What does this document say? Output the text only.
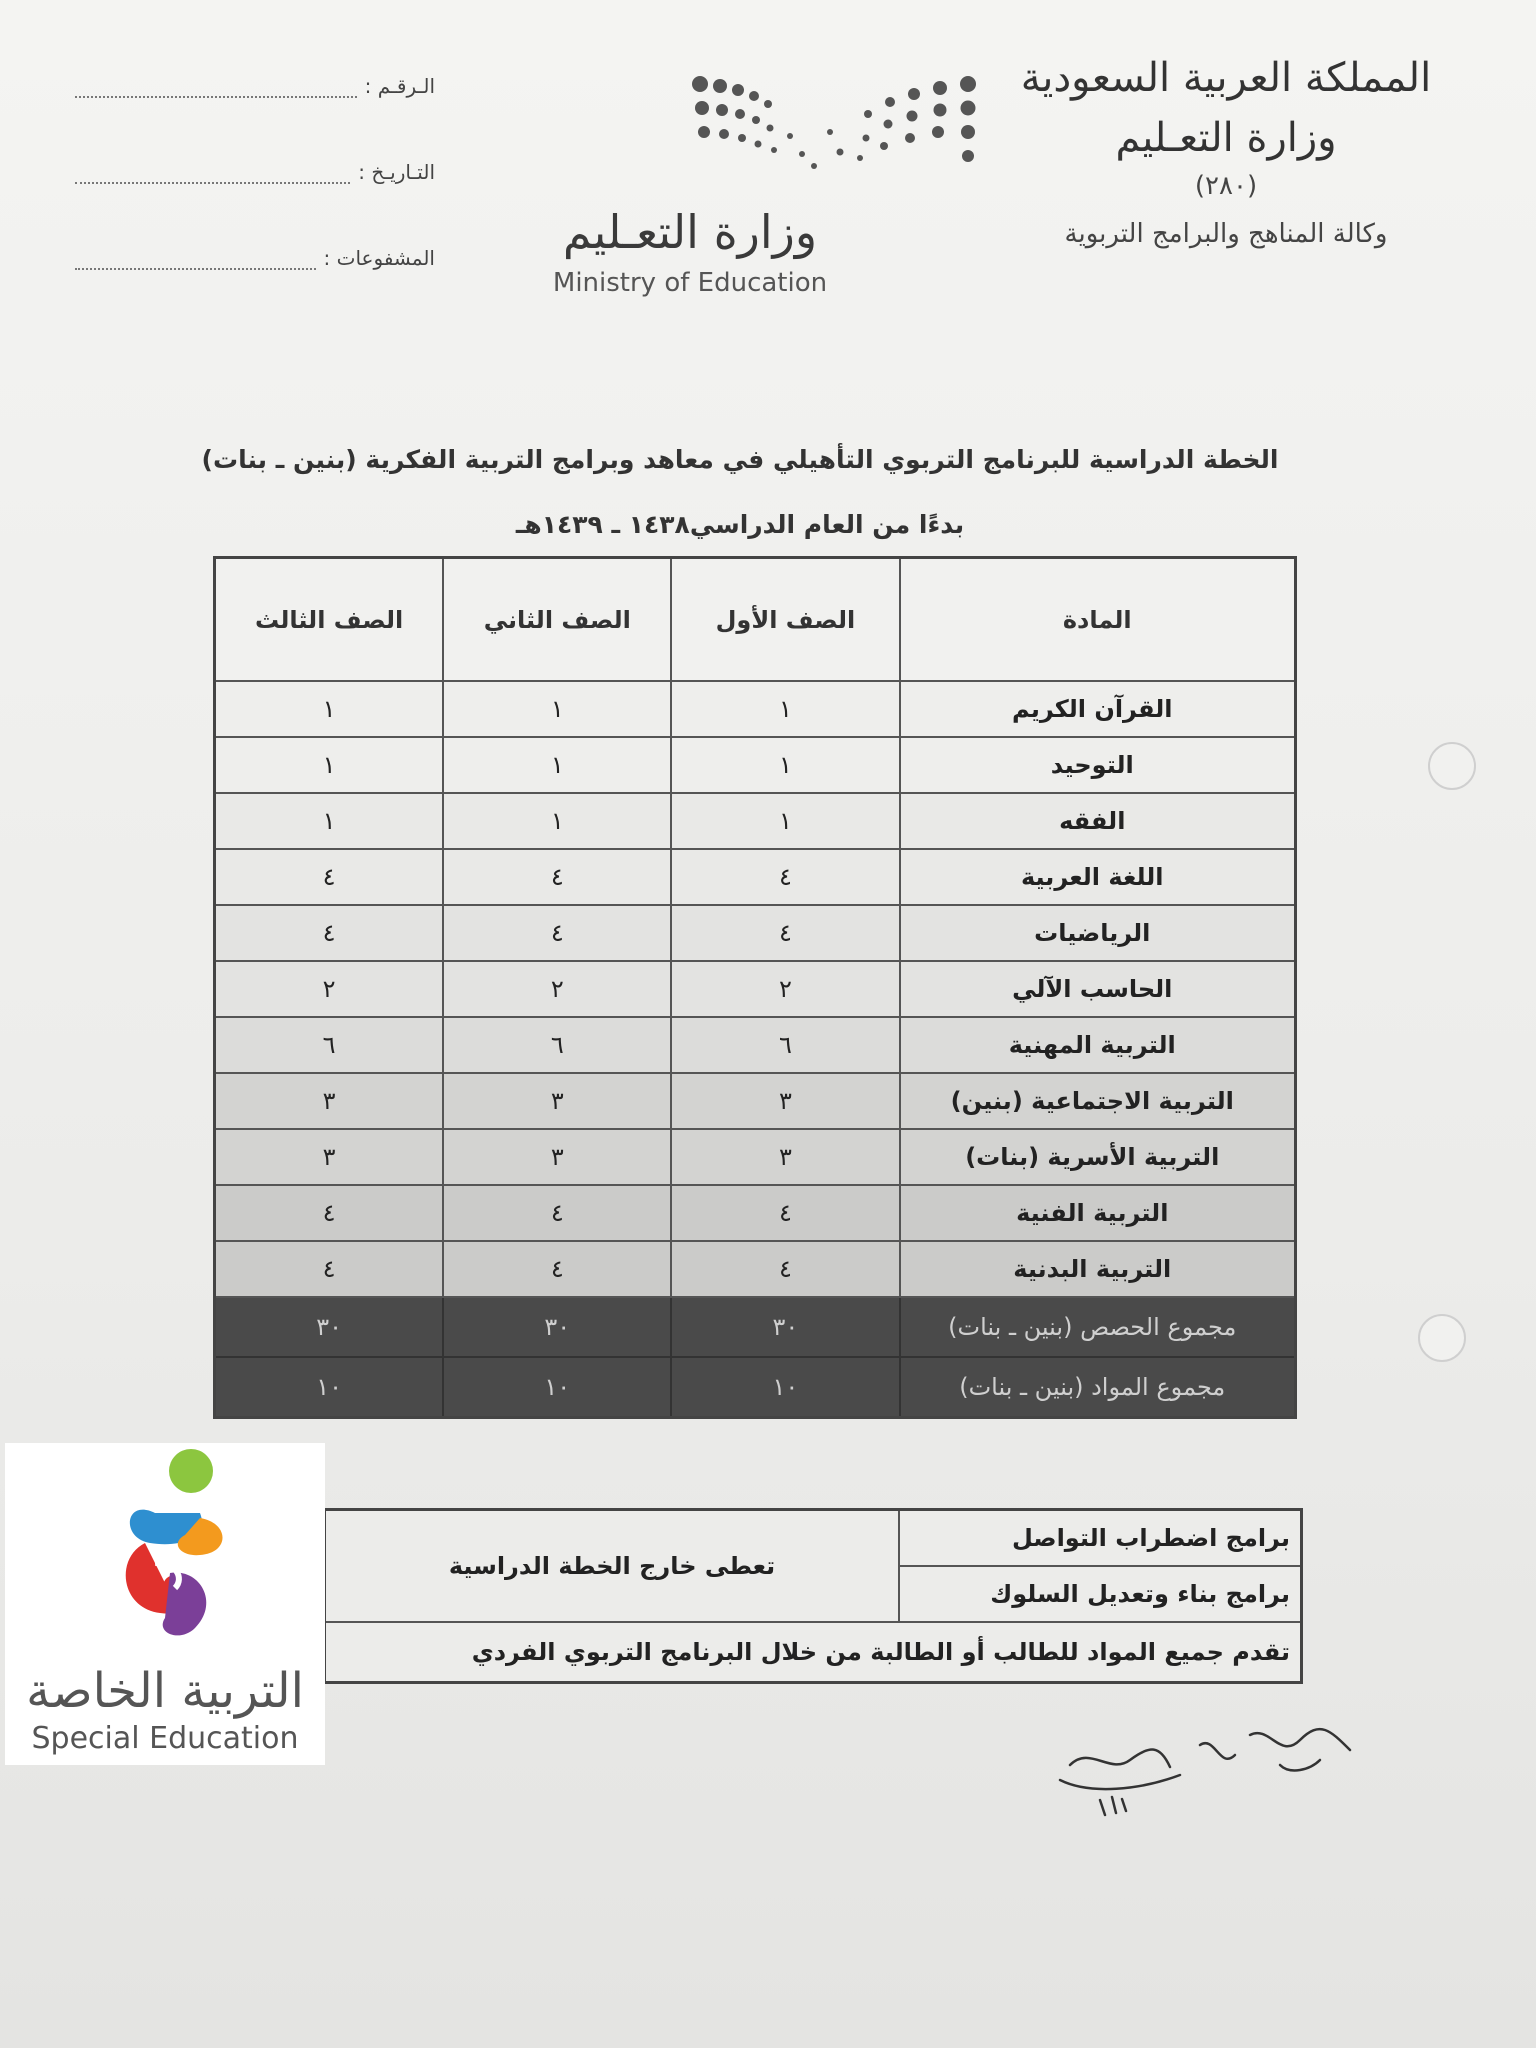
المملكة العربية السعودية
وزارة التعـليم
(٢٨٠)
وكالة المناهج والبرامج التربوية
وزارة التعـليم
Ministry of Education
الـرقـم :
التـاريـخ :
المشفوعات :
الخطة الدراسية للبرنامج التربوي التأهيلي في معاهد وبرامج التربية الفكرية (بنين ـ بنات)
بدءًا من العام الدراسي١٤٣٨ ـ ١٤٣٩هـ
المادة	الصف الأول	الصف الثاني	الصف الثالث
القرآن الكريم	١	١	١
التوحيد	١	١	١
الفقه	١	١	١
اللغة العربية	٤	٤	٤
الرياضيات	٤	٤	٤
الحاسب الآلي	٢	٢	٢
التربية المهنية	٦	٦	٦
التربية الاجتماعية (بنين)	٣	٣	٣
التربية الأسرية (بنات)	٣	٣	٣
التربية الفنية	٤	٤	٤
التربية البدنية	٤	٤	٤
مجموع الحصص (بنين ـ بنات)	٣٠	٣٠	٣٠
مجموع المواد (بنين ـ بنات)	١٠	١٠	١٠
برامج اضطراب التواصل	تعطى خارج الخطة الدراسية
برامج بناء وتعديل السلوك
تقدم جميع المواد للطالب أو الطالبة من خلال البرنامج التربوي الفردي
التربية الخاصة
Special Education
